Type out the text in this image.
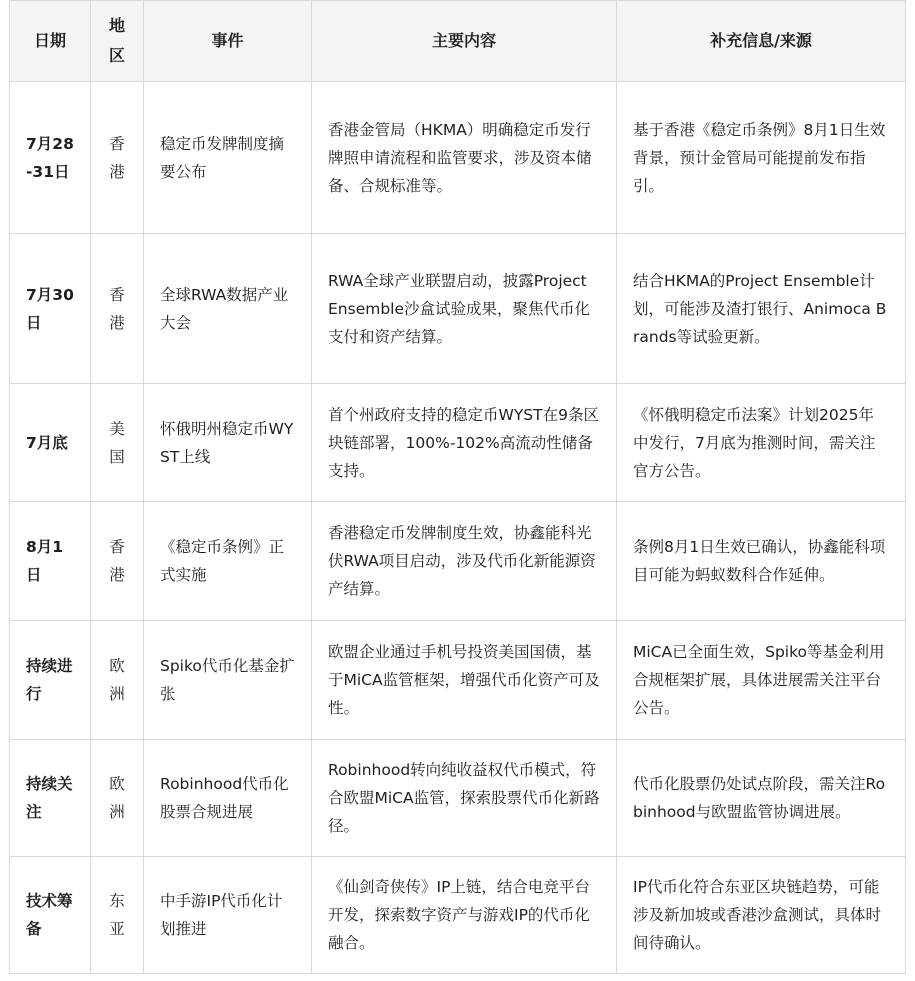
日期	地区	事件	主要内容	补充信息/来源
7月28-31日	香港	稳定币发牌制度摘要公布	香港金管局（HKMA）明确稳定币发行牌照申请流程和监管要求，涉及资本储备、合规标准等。	基于香港《稳定币条例》8月1日生效背景，预计金管局可能提前发布指引。
7月30日	香港	全球RWA数据产业大会	RWA全球产业联盟启动，披露Project Ensemble沙盒试验成果，聚焦代币化支付和资产结算。	结合HKMA的Project Ensemble计划，可能涉及渣打银行、Animoca Brands等试验更新。
7月底	美国	怀俄明州稳定币WYST上线	首个州政府支持的稳定币WYST在9条区块链部署，100%-102%高流动性储备支持。	《怀俄明稳定币法案》计划2025年中发行，7月底为推测时间，需关注官方公告。
8月1日	香港	《稳定币条例》正式实施	香港稳定币发牌制度生效，协鑫能科光伏RWA项目启动，涉及代币化新能源资产结算。	条例8月1日生效已确认，协鑫能科项目可能为蚂蚁数科合作延伸。
持续进行	欧洲	Spiko代币化基金扩张	欧盟企业通过手机号投资美国国债，基于MiCA监管框架，增强代币化资产可及性。	MiCA已全面生效，Spiko等基金利用合规框架扩展，具体进展需关注平台公告。
持续关注	欧洲	Robinhood代币化股票合规进展	Robinhood转向纯收益权代币模式，符合欧盟MiCA监管，探索股票代币化新路径。	代币化股票仍处试点阶段，需关注Robinhood与欧盟监管协调进展。
技术筹备	东亚	中手游IP代币化计划推进	《仙剑奇侠传》IP上链，结合电竞平台开发，探索数字资产与游戏IP的代币化融合。	IP代币化符合东亚区块链趋势，可能涉及新加坡或香港沙盒测试，具体时间待确认。
